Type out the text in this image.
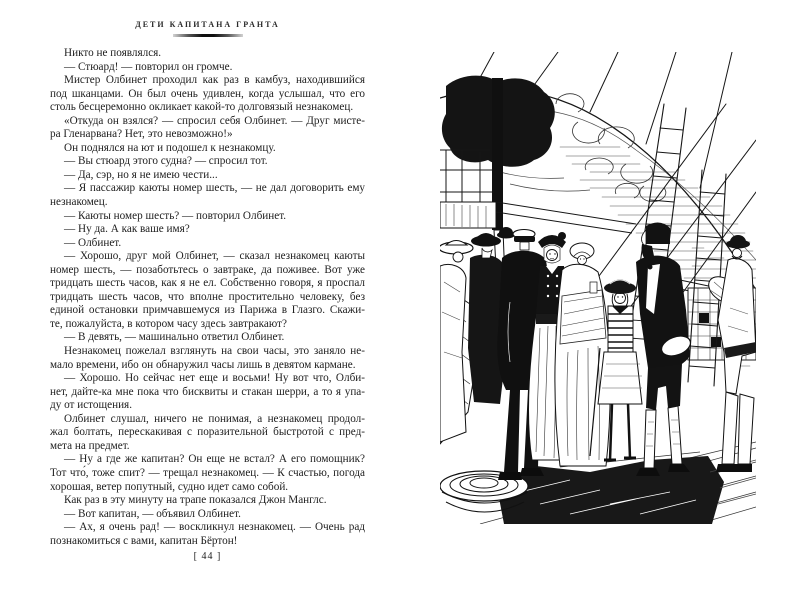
ДЕТИ КАПИТАНА ГРАНТА
Никто не появлялся.
— Стюард! — повторил он громче.
Мистер Олбинет проходил как раз в камбуз, находившийся
под шканцами. Он был очень удивлен, когда услышал, что его
столь бесцеремонно окликает какой-то долговязый незнакомец.
«Откуда он взялся? — спросил себя Олбинет. — Друг мисте-
ра Гленарвана? Нет, это невозможно!»
Он поднялся на ют и подошел к незнакомцу.
— Вы стюард этого судна? — спросил тот.
— Да, сэр, но я не имею чести...
— Я пассажир каюты номер шесть, — не дал договорить ему
незнакомец.
— Каюты номер шесть? — повторил Олбинет.
— Ну да. А как ваше имя?
— Олбинет.
— Хорошо, друг мой Олбинет, — сказал незнакомец каюты
номер шесть, — позаботьтесь о завтраке, да поживее. Вот уже
тридцать шесть часов, как я не ел. Собственно говоря, я проспал
тридцать шесть часов, что вполне простительно человеку, без
единой остановки примчавшемуся из Парижа в Глазго. Скажи-
те, пожалуйста, в котором часу здесь завтракают?
— В девять, — машинально ответил Олбинет.
Незнакомец пожелал взглянуть на свои часы, это заняло не-
мало времени, ибо он обнаружил часы лишь в девятом кармане.
— Хорошо. Но сейчас нет еще и восьми! Ну вот что, Олби-
нет, дайте-ка мне пока что бисквиты и стакан шерри, а то я упа-
ду от истощения.
Олбинет слушал, ничего не понимая, а незнакомец продол-
жал болтать, перескакивая с поразительной быстротой с пред-
мета на предмет.
— Ну а где же капитан? Он еще не встал? А его помощник?
Тот что́, тоже спит? — трещал незнакомец. — К счастью, погода
хорошая, ветер попутный, судно идет само собой.
Как раз в эту минуту на трапе показался Джон Манглс.
— Вот капитан, — объявил Олбинет.
— Ах, я очень рад! — воскликнул незнакомец. — Очень рад
познакомиться с вами, капитан Бёртон!
[ 44 ]
